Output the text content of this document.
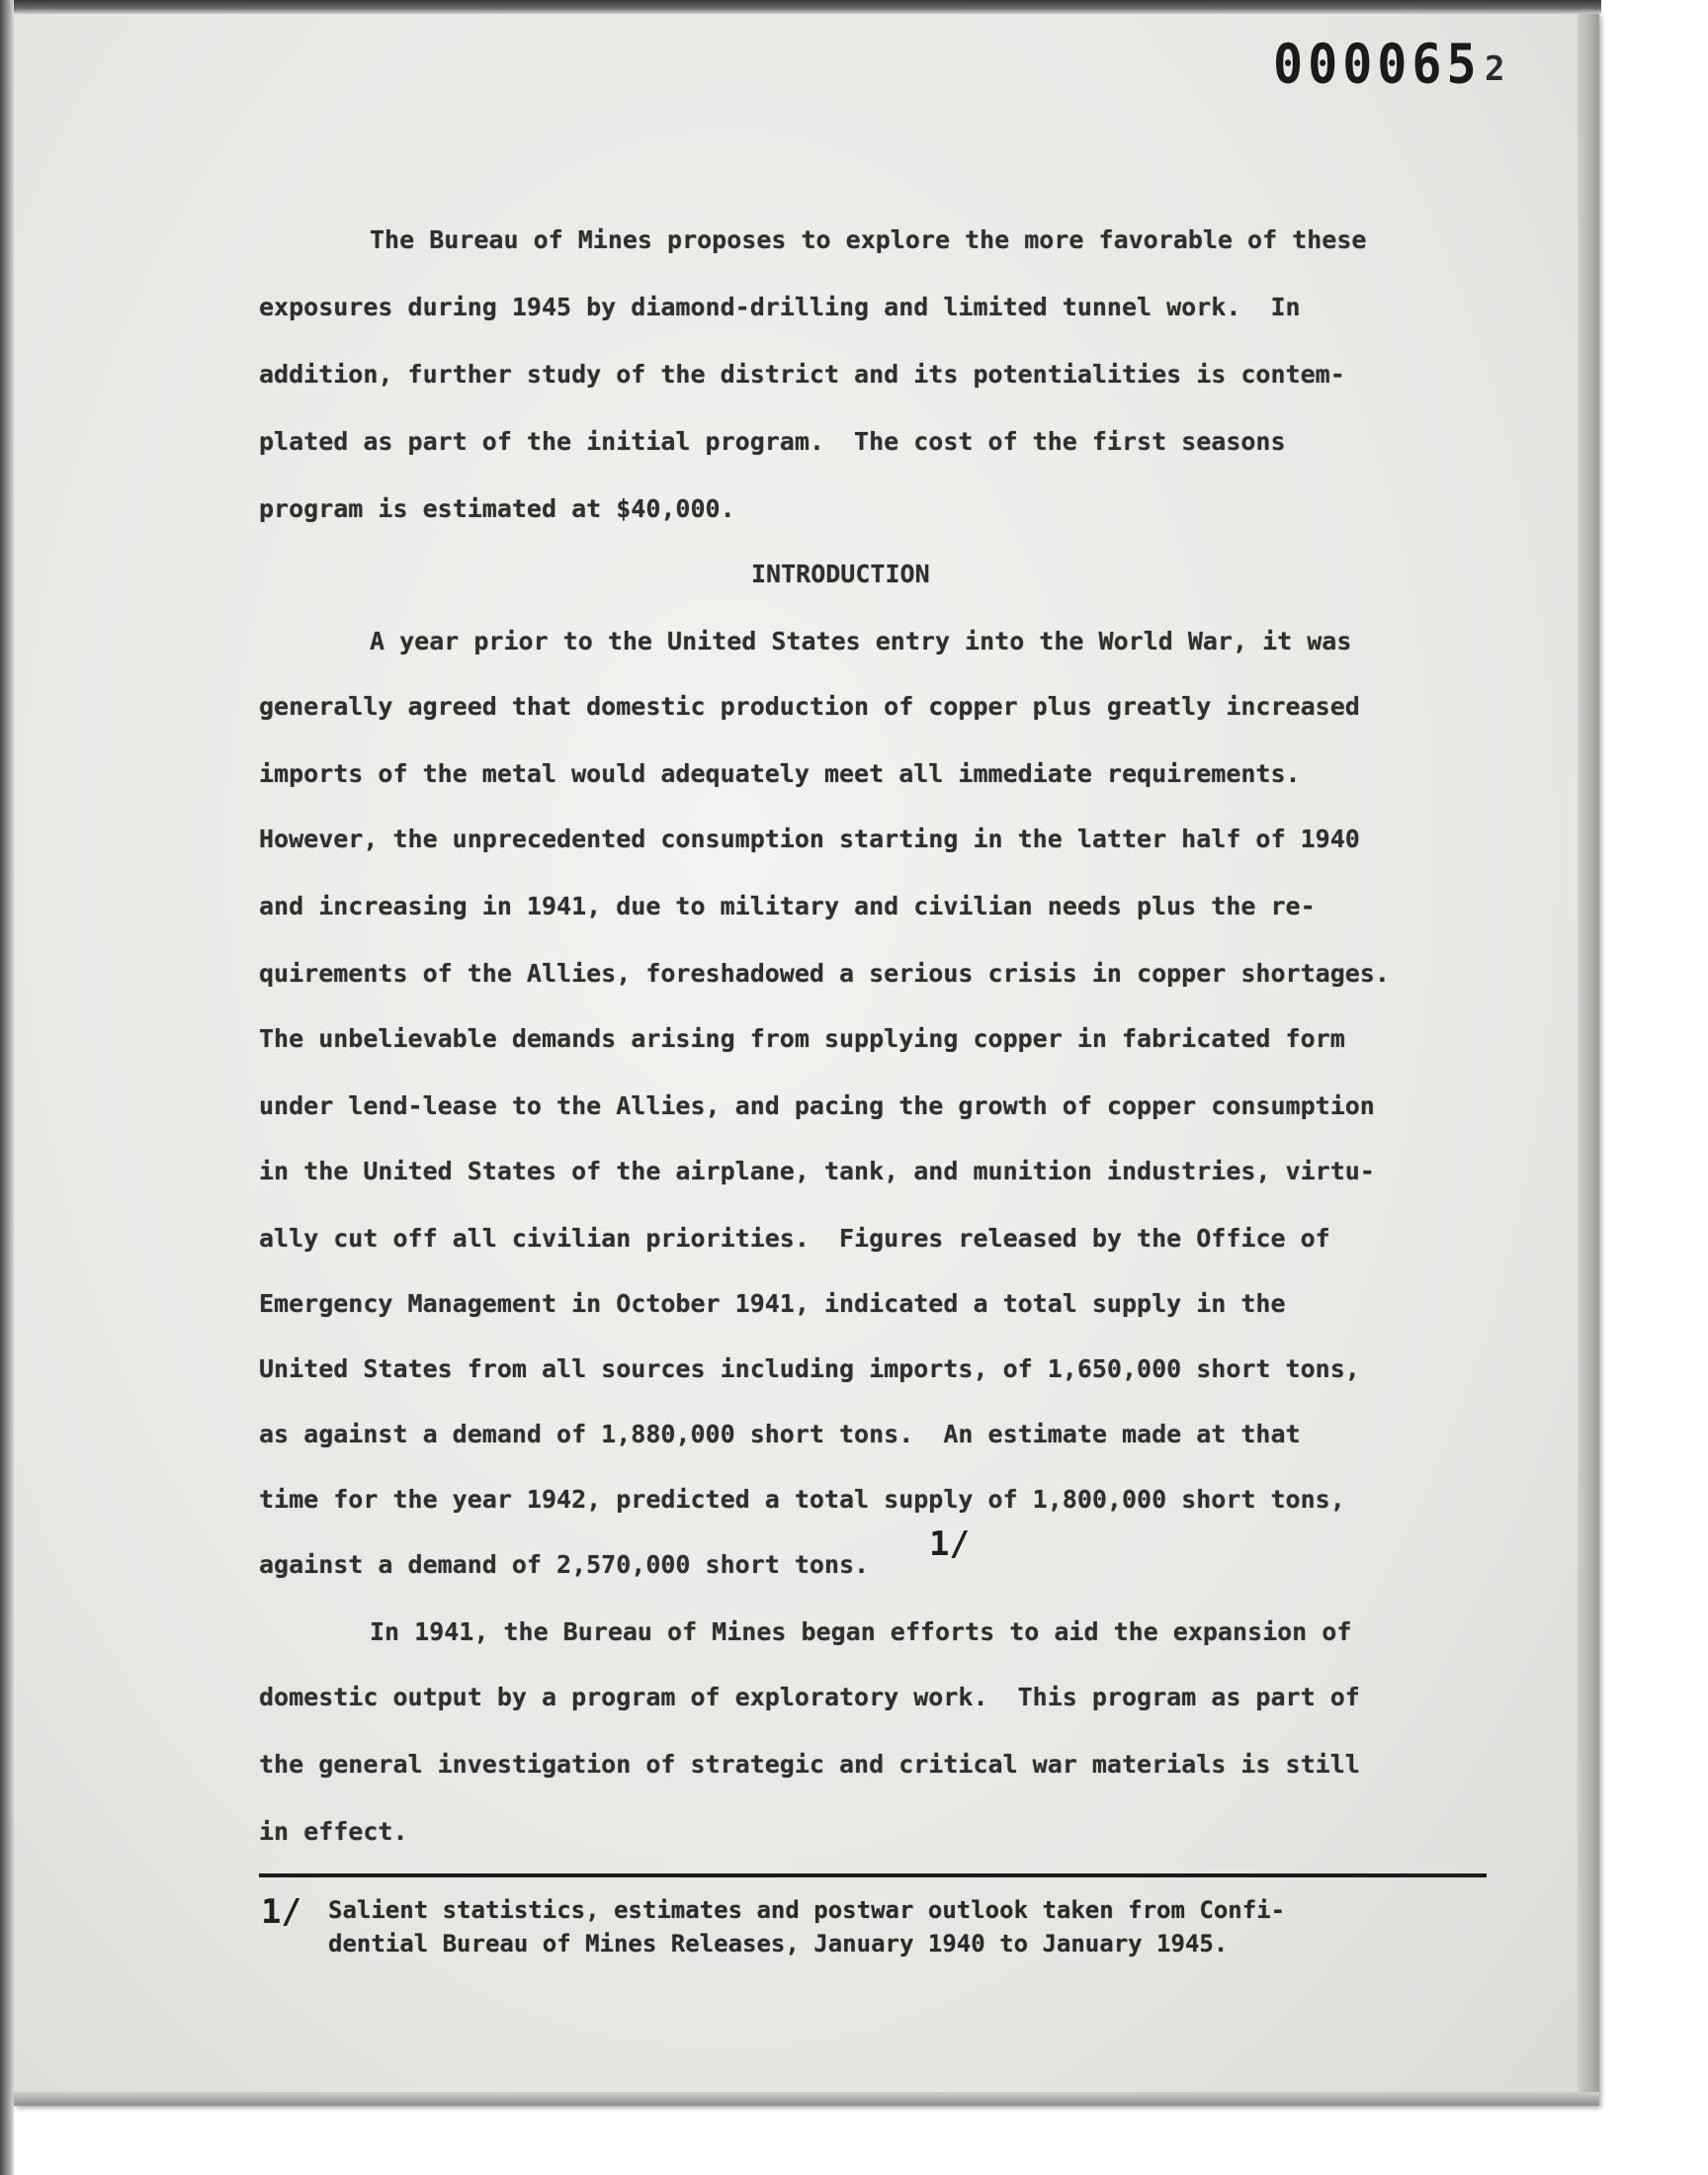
000065 2
The Bureau of Mines proposes to explore the more favorable of these
exposures during 1945 by diamond-drilling and limited tunnel work.  In
addition, further study of the district and its potentialities is contem-
plated as part of the initial program.  The cost of the first seasons
program is estimated at $40,000.
INTRODUCTION
A year prior to the United States entry into the World War, it was
generally agreed that domestic production of copper plus greatly increased
imports of the metal would adequately meet all immediate requirements.
However, the unprecedented consumption starting in the latter half of 1940
and increasing in 1941, due to military and civilian needs plus the re-
quirements of the Allies, foreshadowed a serious crisis in copper shortages.
The unbelievable demands arising from supplying copper in fabricated form
under lend-lease to the Allies, and pacing the growth of copper consumption
in the United States of the airplane, tank, and munition industries, virtu-
ally cut off all civilian priorities.  Figures released by the Office of
Emergency Management in October 1941, indicated a total supply in the
United States from all sources including imports, of 1,650,000 short tons,
as against a demand of 1,880,000 short tons.  An estimate made at that
time for the year 1942, predicted a total supply of 1,800,000 short tons,
against a demand of 2,570,000 short tons.
1/
In 1941, the Bureau of Mines began efforts to aid the expansion of
domestic output by a program of exploratory work.  This program as part of
the general investigation of strategic and critical war materials is still
in effect.
1/ Salient statistics, estimates and postwar outlook taken from Confi-
dential Bureau of Mines Releases, January 1940 to January 1945.
